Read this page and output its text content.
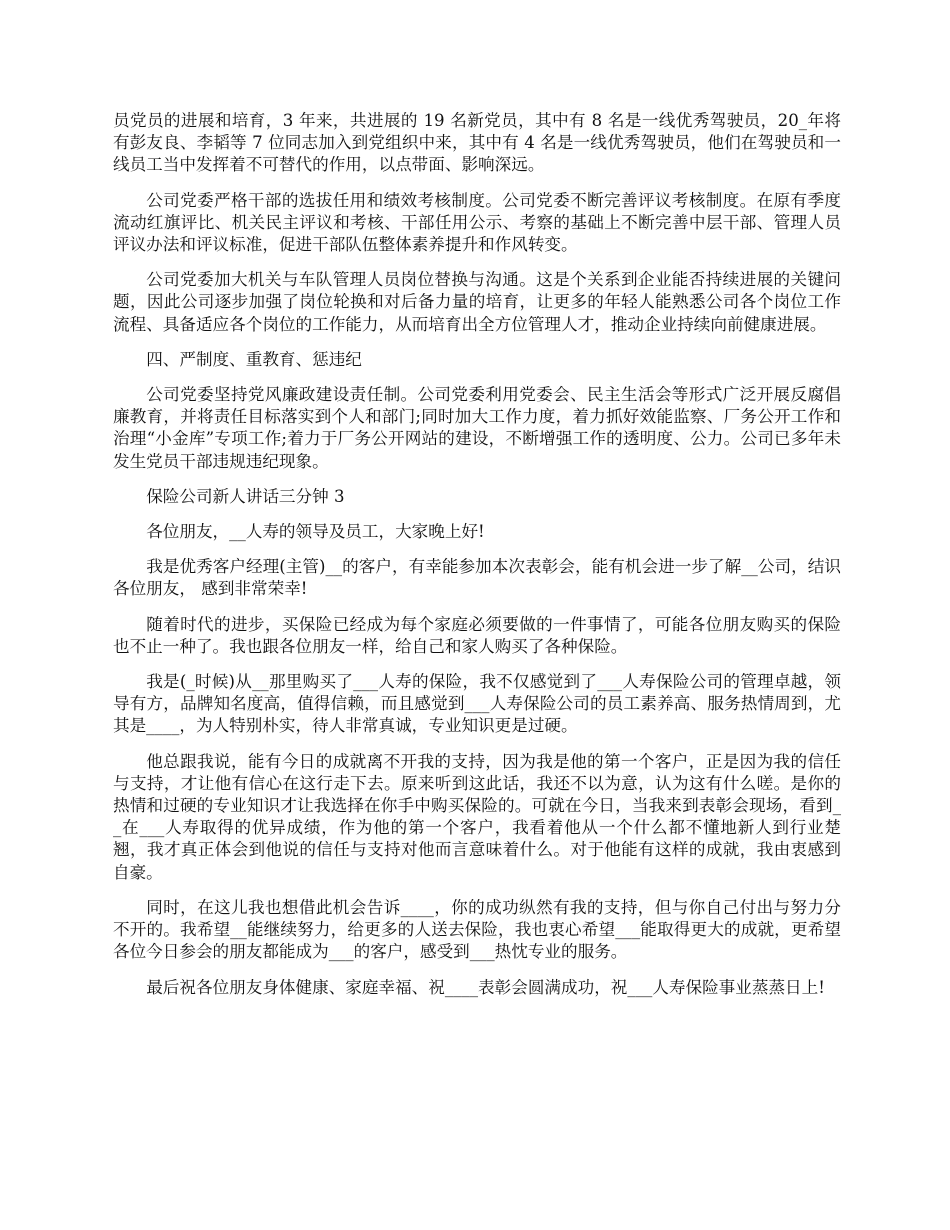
员党员的进展和培育，3 年来，共进展的 19 名新党员，其中有 8 名是一线优秀驾驶员，20_年将有彭友良、李韬等 7 位同志加入到党组织中来，其中有 4 名是一线优秀驾驶员，他们在驾驶员和一线员工当中发挥着不可替代的作用，以点带面、影响深远。

公司党委严格干部的选拔任用和绩效考核制度。公司党委不断完善评议考核制度。在原有季度流动红旗评比、机关民主评议和考核、干部任用公示、考察的基础上不断完善中层干部、管理人员评议办法和评议标准，促进干部队伍整体素养提升和作风转变。

公司党委加大机关与车队管理人员岗位替换与沟通。这是个关系到企业能否持续进展的关键问题，因此公司逐步加强了岗位轮换和对后备力量的培育，让更多的年轻人能熟悉公司各个岗位工作流程、具备适应各个岗位的工作能力，从而培育出全方位管理人才，推动企业持续向前健康进展。

四、严制度、重教育、惩违纪

公司党委坚持党风廉政建设责任制。公司党委利用党委会、民主生活会等形式广泛开展反腐倡廉教育，并将责任目标落实到个人和部门;同时加大工作力度，着力抓好效能监察、厂务公开工作和治理“小金库”专项工作;着力于厂务公开网站的建设，不断增强工作的透明度、公力。公司已多年未发生党员干部违规违纪现象。

保险公司新人讲话三分钟 3

各位朋友，__人寿的领导及员工，大家晚上好!

我是优秀客户经理(主管)__的客户，有幸能参加本次表彰会，能有机会进一步了解__公司，结识各位朋友， 感到非常荣幸!

随着时代的进步，买保险已经成为每个家庭必须要做的一件事情了，可能各位朋友购买的保险也不止一种了。我也跟各位朋友一样，给自己和家人购买了各种保险。

我是(_时候)从__那里购买了___人寿的保险，我不仅感觉到了___人寿保险公司的管理卓越，领导有方，品牌知名度高，值得信赖，而且感觉到___人寿保险公司的员工素养高、服务热情周到，尤其是____，为人特别朴实，待人非常真诚，专业知识更是过硬。

他总跟我说，能有今日的成就离不开我的支持，因为我是他的第一个客户，正是因为我的信任与支持，才让他有信心在这行走下去。原来听到这此话，我还不以为意，认为这有什么嗟。是你的热情和过硬的专业知识才让我选择在你手中购买保险的。可就在今日，当我来到表彰会现场，看到__在___人寿取得的优异成绩，作为他的第一个客户，我看着他从一个什么都不懂地新人到行业楚翘，我才真正体会到他说的信任与支持对他而言意味着什么。对于他能有这样的成就，我由衷感到自豪。

同时，在这儿我也想借此机会告诉____，你的成功纵然有我的支持，但与你自己付出与努力分不开的。我希望__能继续努力，给更多的人送去保险，我也衷心希望___能取得更大的成就，更希望各位今日参会的朋友都能成为___的客户，感受到___热忱专业的服务。

最后祝各位朋友身体健康、家庭幸福、祝____表彰会圆满成功，祝___人寿保险事业蒸蒸日上!
